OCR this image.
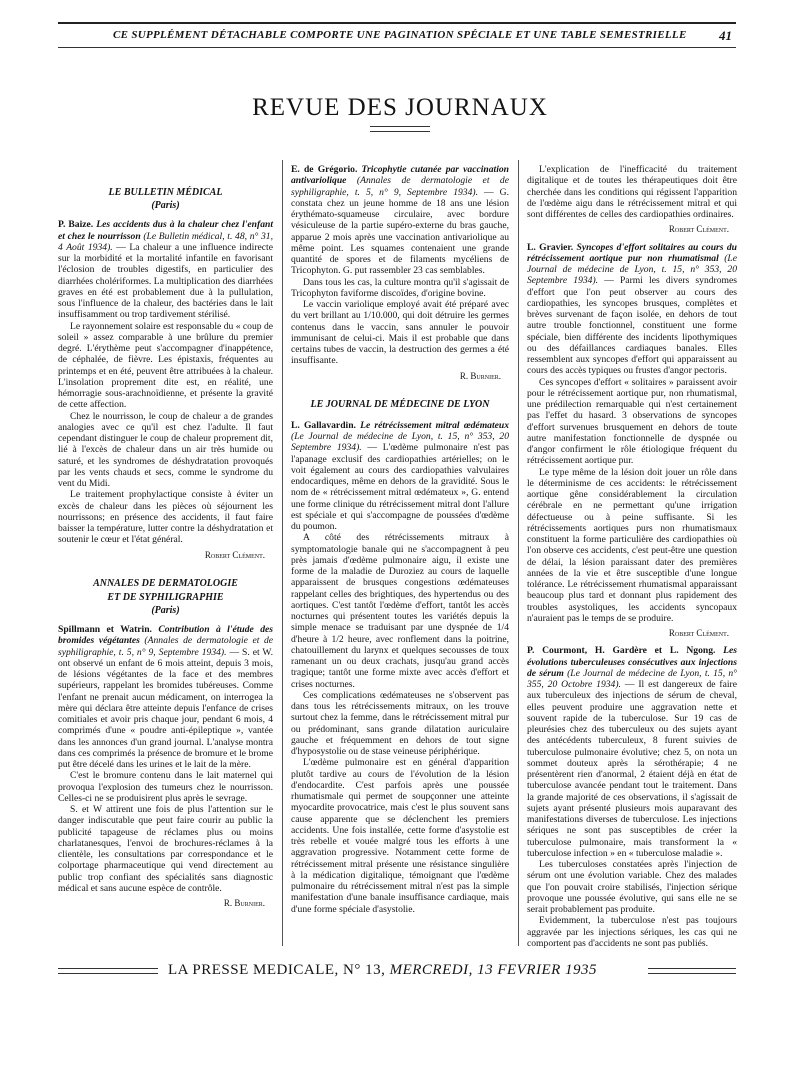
CE SUPPLÉMENT DÉTACHABLE COMPORTE UNE PAGINATION SPÉCIALE ET UNE TABLE SEMESTRIELLE 41
REVUE DES JOURNAUX

LE BULLETIN MÉDICAL

(Paris)

P. Baize. Les accidents dus à la chaleur chez l'enfant et chez le nourrisson (Le Bulletin médical, t. 48, n° 31, 4 Août 1934). — La chaleur a une influence indirecte sur la morbidité et la mortalité infantile en favorisant l'éclosion de troubles digestifs, en particulier des diarrhées cholériformes. La multiplication des diarrhées graves en été est probablement due à la pullulation, sous l'influence de la chaleur, des bactéries dans le lait insuffisamment ou trop tardivement stérilisé.

Le rayonnement solaire est responsable du « coup de soleil » assez comparable à une brûlure du premier degré. L'érythème peut s'accompagner d'inappétence, de céphalée, de fièvre. Les épistaxis, fréquentes au printemps et en été, peuvent être attribuées à la chaleur. L'insolation proprement dite est, en réalité, une hémorragie sous-arachnoïdienne, et présente la gravité de cette affection.

Chez le nourrisson, le coup de chaleur a de grandes analogies avec ce qu'il est chez l'adulte. Il faut cependant distinguer le coup de chaleur proprement dit, lié à l'excès de chaleur dans un air très humide ou saturé, et les syndromes de déshydratation provoqués par les vents chauds et secs, comme le syndrome du vent du Midi.

Le traitement prophylactique consiste à éviter un excès de chaleur dans les pièces où séjournent les nourrissons; en présence des accidents, il faut faire baisser la température, lutter contre la déshydratation et soutenir le cœur et l'état général.

Robert Clément.

ANNALES DE DERMATOLOGIE

ET DE SYPHILIGRAPHIE

(Paris)

Spillmann et Watrin. Contribution à l'étude des bromides végétantes (Annales de dermatologie et de syphiligraphie, t. 5, n° 9, Septembre 1934). — S. et W. ont observé un enfant de 6 mois atteint, depuis 3 mois, de lésions végétantes de la face et des membres supérieurs, rappelant les bromides tubéreuses. Comme l'enfant ne prenait aucun médicament, on interrogea la mère qui déclara être atteinte depuis l'enfance de crises comitiales et avoir pris chaque jour, pendant 6 mois, 4 comprimés d'une « poudre anti-épileptique », vantée dans les annonces d'un grand journal. L'analyse montra dans ces comprimés la présence de bromure et le brome put être décelé dans les urines et le lait de la mère.

C'est le bromure contenu dans le lait maternel qui provoqua l'explosion des tumeurs chez le nourrisson. Celles-ci ne se produisirent plus après le sevrage.

S. et W attirent une fois de plus l'attention sur le danger indiscutable que peut faire courir au public la publicité tapageuse de réclames plus ou moins charlatanesques, l'envoi de brochures-réclames à la clientèle, les consultations par correspondance et le colportage pharmaceutique qui vend directement au public trop confiant des spécialités sans diagnostic médical et sans aucune espèce de contrôle.

R. Burnier.

E. de Grégorio. Tricophytie cutanée par vaccination antivariolique (Annales de dermatologie et de syphiligraphie, t. 5, n° 9, Septembre 1934). — G. constata chez un jeune homme de 18 ans une lésion érythémato-squameuse circulaire, avec bordure vésiculeuse de la partie supéro-externe du bras gauche, apparue 2 mois après une vaccination antivariolique au même point. Les squames contenaient une grande quantité de spores et de filaments mycéliens de Tricophyton. G. put rassembler 23 cas semblables.

Dans tous les cas, la culture montra qu'il s'agissait de Tricophyton faviforme discoïdes, d'origine bovine.

Le vaccin variolique employé avait été préparé avec du vert brillant au 1/10.000, qui doit détruire les germes contenus dans le vaccin, sans annuler le pouvoir immunisant de celui-ci. Mais il est probable que dans certains tubes de vaccin, la destruction des germes a été insuffisante.

R. Burnier.

LE JOURNAL DE MÉDECINE DE LYON

L. Gallavardin. Le rétrécissement mitral œdémateux (Le Journal de médecine de Lyon, t. 15, n° 353, 20 Septembre 1934). — L'œdème pulmonaire n'est pas l'apanage exclusif des cardiopathies artérielles; on le voit également au cours des cardiopathies valvulaires endocardiques, même en dehors de la gravidité. Sous le nom de « rétrécissement mitral œdémateux », G. entend une forme clinique du rétrécissement mitral dont l'allure est spéciale et qui s'accompagne de poussées d'œdème du poumon.

A côté des rétrécissements mitraux à symptomatologie banale qui ne s'accompagnent à peu près jamais d'œdème pulmonaire aigu, il existe une forme de la maladie de Duroziez au cours de laquelle apparaissent de brusques congestions œdémateuses rappelant celles des brightiques, des hypertendus ou des aortiques. C'est tantôt l'œdème d'effort, tantôt les accès nocturnes qui présentent toutes les variétés depuis la simple menace se traduisant par une dyspnée de 1/4 d'heure à 1/2 heure, avec ronflement dans la poitrine, chatouillement du larynx et quelques secousses de toux ramenant un ou deux crachats, jusqu'au grand accès tragique; tantôt une forme mixte avec accès d'effort et crises nocturnes.

Ces complications œdémateuses ne s'observent pas dans tous les rétrécissements mitraux, on les trouve surtout chez la femme, dans le rétrécissement mitral pur ou prédominant, sans grande dilatation auriculaire gauche et fréquemment en dehors de tout signe d'hyposystolie ou de stase veineuse périphérique.

L'œdème pulmonaire est en général d'apparition plutôt tardive au cours de l'évolution de la lésion d'endocardite. C'est parfois après une poussée rhumatismale qui permet de soupçonner une atteinte myocardite provocatrice, mais c'est le plus souvent sans cause apparente que se déclenchent les premiers accidents. Une fois installée, cette forme d'asystolie est très rebelle et vouée malgré tous les efforts à une aggravation progressive. Notamment cette forme de rétrécissement mitral présente une résistance singulière à la médication digitalique, témoignant que l'œdème pulmonaire du rétrécissement mitral n'est pas la simple manifestation d'une banale insuffisance cardiaque, mais d'une forme spéciale d'asystolie.

L'explication de l'inefficacité du traitement digitalique et de toutes les thérapeutiques doit être cherchée dans les conditions qui régissent l'apparition de l'œdème aigu dans le rétrécissement mitral et qui sont différentes de celles des cardiopathies ordinaires.

Robert Clément.

L. Gravier. Syncopes d'effort solitaires au cours du rétrécissement aortique pur non rhumatismal (Le Journal de médecine de Lyon, t. 15, n° 353, 20 Septembre 1934). — Parmi les divers syndromes d'effort que l'on peut observer au cours des cardiopathies, les syncopes brusques, complètes et brèves survenant de façon isolée, en dehors de tout autre trouble fonctionnel, constituent une forme spéciale, bien différente des incidents lipothymiques ou des défaillances cardiaques banales. Elles ressemblent aux syncopes d'effort qui apparaissent au cours des accès typiques ou frustes d'angor pectoris.

Ces syncopes d'effort « solitaires » paraissent avoir pour le rétrécissement aortique pur, non rhumatismal, une prédilection remarquable qui n'est certainement pas l'effet du hasard. 3 observations de syncopes d'effort survenues brusquement en dehors de toute autre manifestation fonctionnelle de dyspnée ou d'angor confirment le rôle étiologique fréquent du rétrécissement aortique pur.

Le type même de la lésion doit jouer un rôle dans le déterminisme de ces accidents: le rétrécissement aortique gêne considérablement la circulation cérébrale en ne permettant qu'une irrigation défectueuse ou à peine suffisante. Si les rétrécissements aortiques purs non rhumatismaux constituent la forme particulière des cardiopathies où l'on observe ces accidents, c'est peut-être une question de délai, la lésion paraissant dater des premières années de la vie et être susceptible d'une longue tolérance. Le rétrécissement rhumatismal apparaissant beaucoup plus tard et donnant plus rapidement des troubles asystoliques, les accidents syncopaux n'auraient pas le temps de se produire.

Robert Clément.

P. Courmont, H. Gardère et L. Ngong. Les évolutions tuberculeuses consécutives aux injections de sérum (Le Journal de médecine de Lyon, t. 15, n° 355, 20 Octobre 1934). — Il est dangereux de faire aux tuberculeux des injections de sérum de cheval, elles peuvent produire une aggravation nette et souvent rapide de la tuberculose. Sur 19 cas de pleurésies chez des tuberculeux ou des sujets ayant des antécédents tuberculeux, 8 furent suivies de tuberculose pulmonaire évolutive; chez 5, on nota un sommet douteux après la sérothérapie; 4 ne présentèrent rien d'anormal, 2 étaient déjà en état de tuberculose avancée pendant tout le traitement. Dans la grande majorité de ces observations, il s'agissait de sujets ayant présenté plusieurs mois auparavant des manifestations diverses de tuberculose. Les injections sériques ne sont pas susceptibles de créer la tuberculose pulmonaire, mais transforment la « tuberculose infection » en « tuberculose maladie ».

Les tuberculoses constatées après l'injection de sérum ont une évolution variable. Chez des malades que l'on pouvait croire stabilisés, l'injection sérique provoque une poussée évolutive, qui sans elle ne se serait probablement pas produite.

Evidemment, la tuberculose n'est pas toujours aggravée par les injections sériques, les cas qui ne comportent pas d'accidents ne sont pas publiés.

LA PRESSE MEDICALE, N° 13, MERCREDI, 13 FEVRIER 1935
